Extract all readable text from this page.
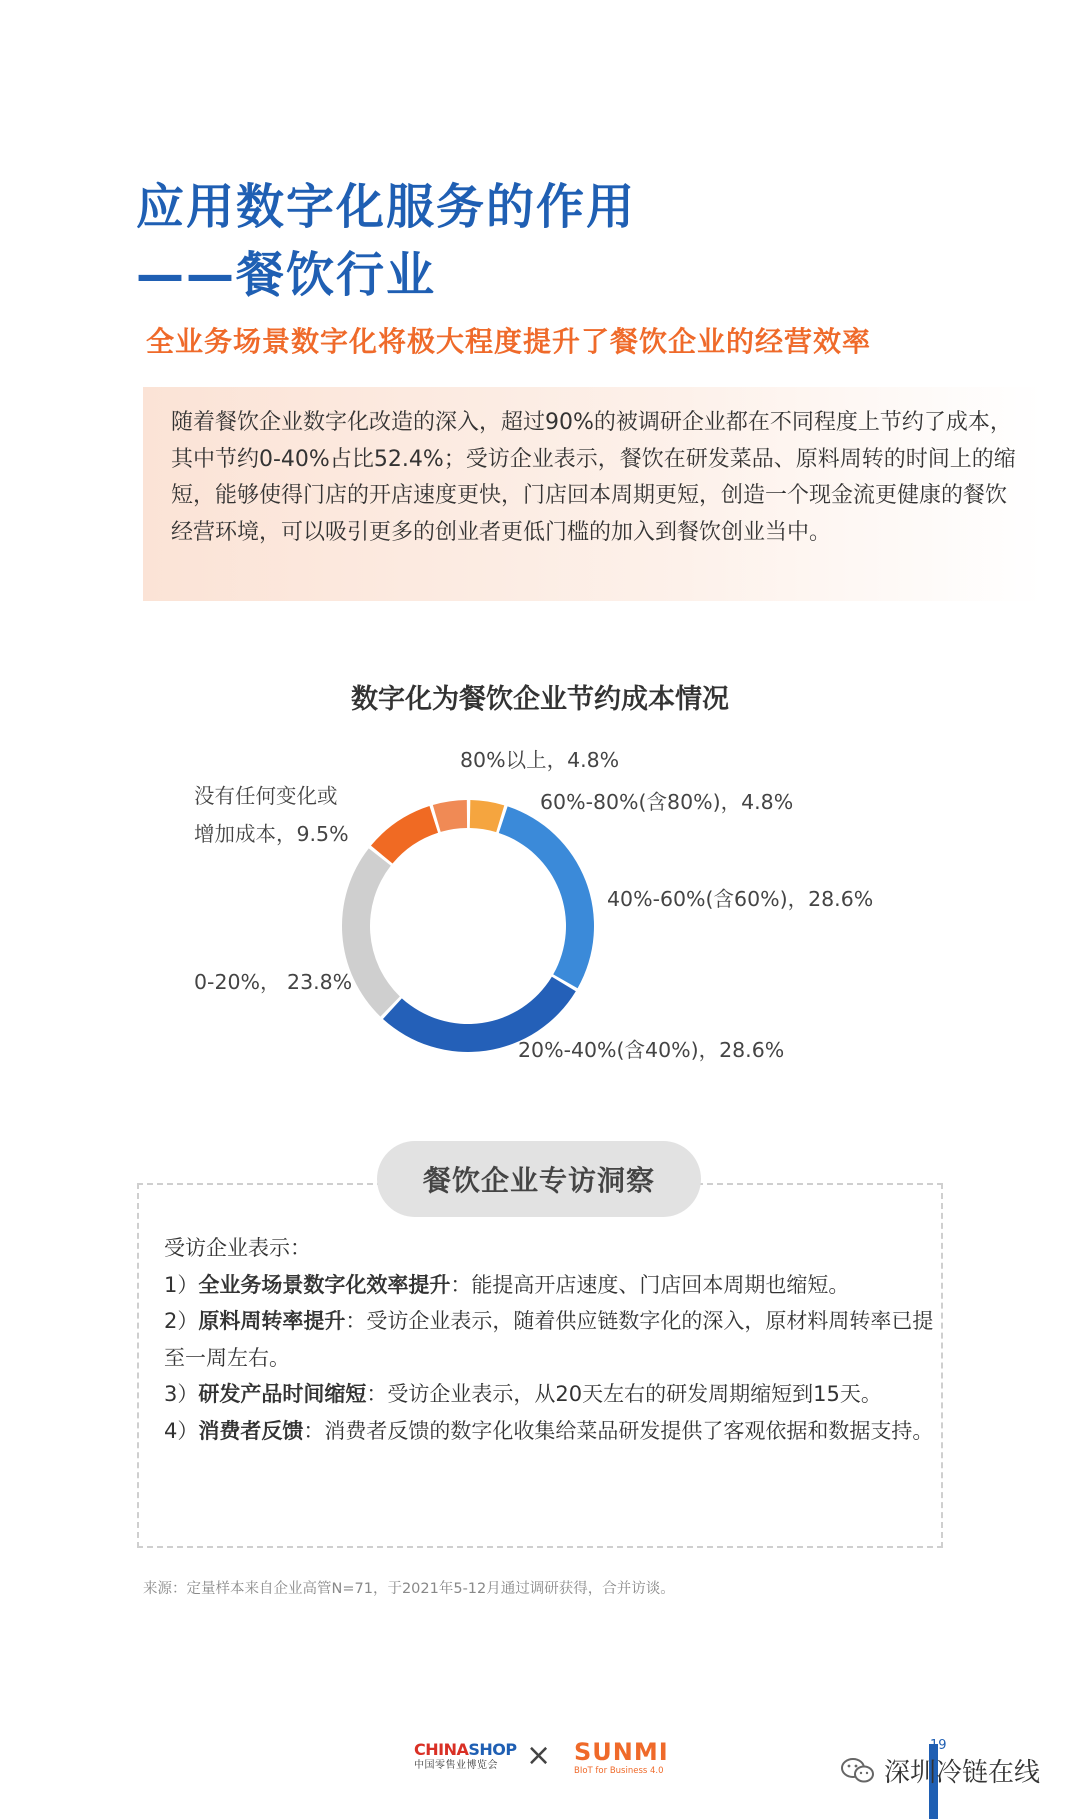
应用数字化服务的作用
——餐饮行业
全业务场景数字化将极大程度提升了餐饮企业的经营效率
随着餐饮企业数字化改造的深入，超过90%的被调研企业都在不同程度上节约了成本，其中节约0-40%占比52.4%；受访企业表示，餐饮在研发菜品、原料周转的时间上的缩短，能够使得门店的开店速度更快，门店回本周期更短，创造一个现金流更健康的餐饮经营环境，可以吸引更多的创业者更低门槛的加入到餐饮创业当中。
数字化为餐饮企业节约成本情况
80%以上，4.8%
60%-80%(含80%)，4.8%
40%-60%(含60%)，28.6%
20%-40%(含40%)，28.6%
0-20%， 23.8%
没有任何变化或
增加成本，9.5%
餐饮企业专访洞察
受访企业表示：
1）全业务场景数字化效率提升：能提高开店速度、门店回本周期也缩短。
2）原料周转率提升：受访企业表示，随着供应链数字化的深入，原材料周转率已提至一周左右。
3）研发产品时间缩短：受访企业表示，从20天左右的研发周期缩短到15天。
4）消费者反馈：消费者反馈的数字化收集给菜品研发提供了客观依据和数据支持。
来源：定量样本来自企业高管N=71，于2021年5-12月通过调研获得，合并访谈。
CHINASHOP
中国零售业博览会 × SUNMI
BIoT for Business 4.0
19
深圳冷链在线
